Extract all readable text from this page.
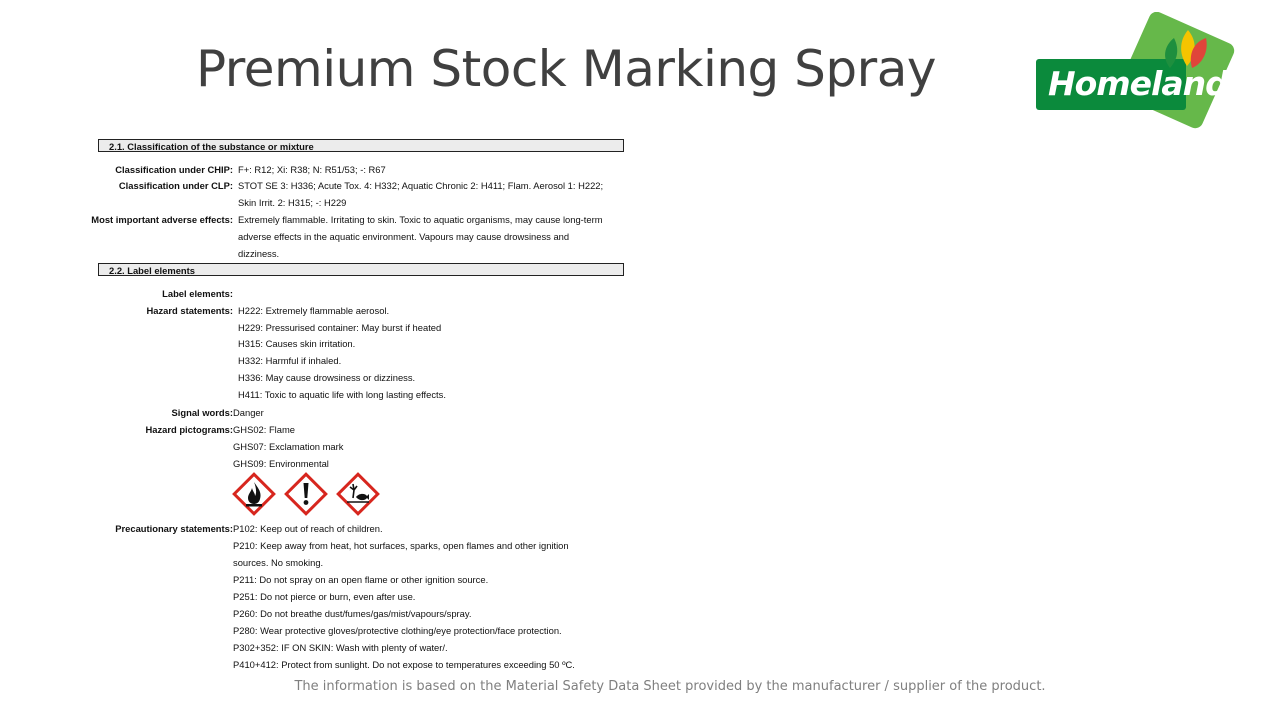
Premium Stock Marking Spray	Homeland
2.1. Classification of the substance or mixture
Classification under CHIP: F+: R12; Xi: R38; N: R51/53; -: R67
Classification under CLP: STOT SE 3: H336; Acute Tox. 4: H332; Aquatic Chronic 2: H411; Flam. Aerosol 1: H222;
Skin Irrit. 2: H315; -: H229
Most important adverse effects: Extremely flammable. Irritating to skin. Toxic to aquatic organisms, may cause long-term
adverse effects in the aquatic environment. Vapours may cause drowsiness and
dizziness.
2.2. Label elements
Label elements:
Hazard statements: H222: Extremely flammable aerosol.
H229: Pressurised container: May burst if heated
H315: Causes skin irritation.
H332: Harmful if inhaled.
H336: May cause drowsiness or dizziness.
H411: Toxic to aquatic life with long lasting effects.
Signal words: Danger
Hazard pictograms: GHS02: Flame
GHS07: Exclamation mark
GHS09: Environmental
Precautionary statements: P102: Keep out of reach of children.
P210: Keep away from heat, hot surfaces, sparks, open flames and other ignition
sources. No smoking.
P211: Do not spray on an open flame or other ignition source.
P251: Do not pierce or burn, even after use.
P260: Do not breathe dust/fumes/gas/mist/vapours/spray.
P280: Wear protective gloves/protective clothing/eye protection/face protection.
P302+352: IF ON SKIN: Wash with plenty of water/.
P410+412: Protect from sunlight. Do not expose to temperatures exceeding 50 ºC.
The information is based on the Material Safety Data Sheet provided by the manufacturer / supplier of the product.
